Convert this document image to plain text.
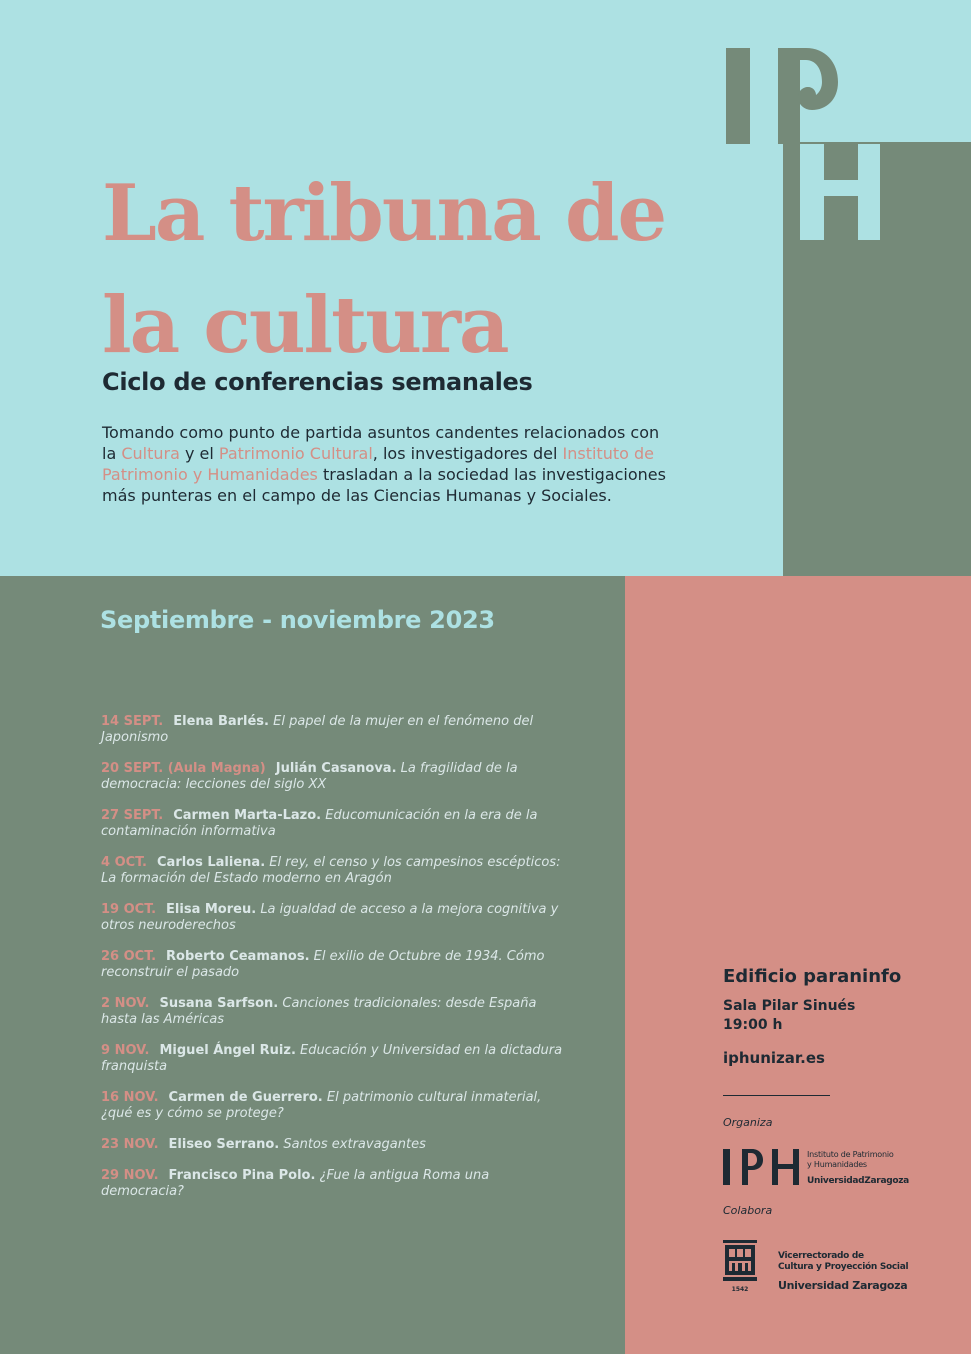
La tribuna de
la cultura
Ciclo de conferencias semanales

Tomando como punto de partida asuntos candentes relacionados con la Cultura y el Patrimonio Cultural, los investigadores del Instituto de Patrimonio y Humanidades trasladan a la sociedad las investigaciones más punteras en el campo de las Ciencias Humanas y Sociales.

Septiembre - noviembre 2023
14 SEPT. Elena Barlés. El papel de la mujer en el fenómeno del Japonismo
20 SEPT. (Aula Magna) Julián Casanova. La fragilidad de la democracia: lecciones del siglo XX
27 SEPT. Carmen Marta-Lazo. Educomunicación en la era de la contaminación informativa
4 OCT. Carlos Laliena. El rey, el censo y los campesinos escépticos: La formación del Estado moderno en Aragón
19 OCT. Elisa Moreu. La igualdad de acceso a la mejora cognitiva y otros neuroderechos
26 OCT. Roberto Ceamanos. El exilio de Octubre de 1934. Cómo reconstruir el pasado
2 NOV. Susana Sarfson. Canciones tradicionales: desde España hasta las Américas
9 NOV. Miguel Ángel Ruiz. Educación y Universidad en la dictadura franquista
16 NOV. Carmen de Guerrero. El patrimonio cultural inmaterial, ¿qué es y cómo se protege?
23 NOV. Eliseo Serrano. Santos extravagantes
29 NOV. Francisco Pina Polo. ¿Fue la antigua Roma una democracia?

Edificio paraninfo

Sala Pilar Sinués

19:00 h

iphunizar.es

Organiza

Instituto de Patrimonio
y Humanidades

UniversidadZaragoza

Colabora

1542

Vicerrectorado de
Cultura y Proyección Social

Universidad Zaragoza
